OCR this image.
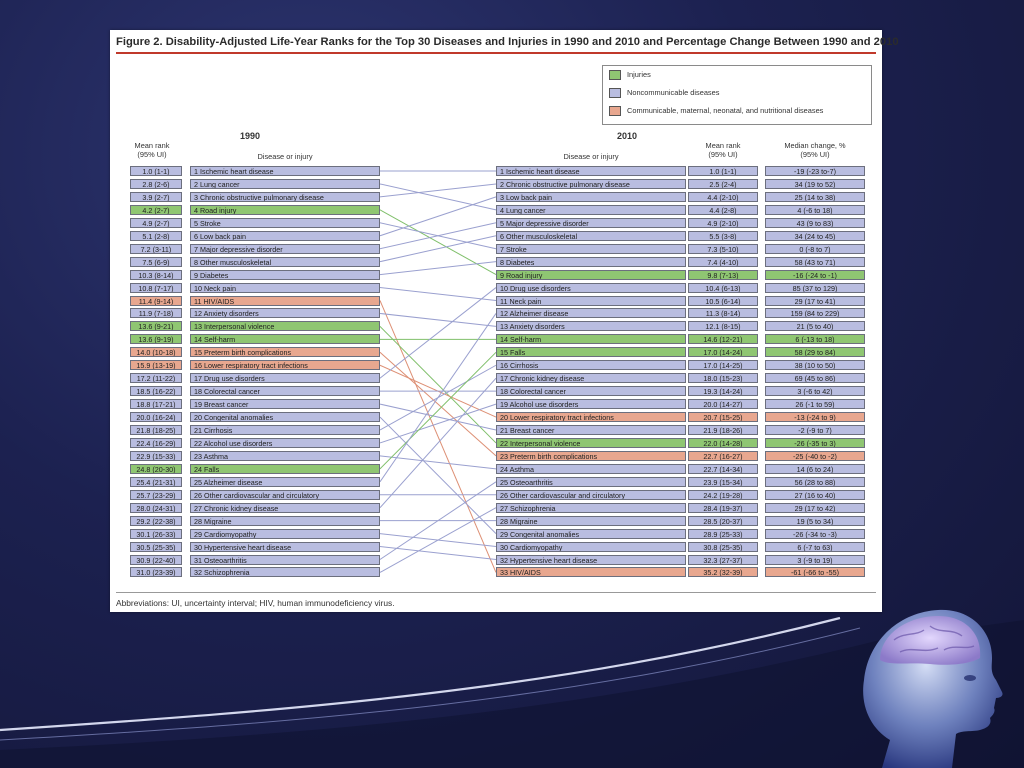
Figure 2. Disability-Adjusted Life-Year Ranks for the Top 30 Diseases and Injuries in 1990 and 2010 and Percentage Change Between 1990 and 2010
Injuries
Noncommunicable diseases
Communicable, maternal, neonatal, and nutritional diseases
1990	2010
Mean rank
(95% UI)	Disease or injury	Disease or injury
Mean rank
(95% UI)
Median change, %
(95% UI)
1.0 (1-1)	1 Ischemic heart disease
2.8 (2-6)	2 Lung cancer
3.9 (2-7)	3 Chronic obstructive pulmonary disease
4.2 (2-7)	4 Road injury
4.9 (2-7)	5 Stroke
5.1 (2-8)	6 Low back pain
7.2 (3-11)	7 Major depressive disorder
7.5 (6-9)	8 Other musculoskeletal
10.3 (8-14)	9 Diabetes
10.8 (7-17)	10 Neck pain
11.4 (9-14)	11 HIV/AIDS
11.9 (7-18)	12 Anxiety disorders
13.6 (9-21)	13 Interpersonal violence
13.6 (9-19)	14 Self-harm
14.0 (10-18)	15 Preterm birth complications
15.9 (13-19)	16 Lower respiratory tract infections
17.2 (11-22)	17 Drug use disorders
18.5 (16-22)	18 Colorectal cancer
18.8 (17-21)	19 Breast cancer
20.0 (16-24)	20 Congenital anomalies
21.8 (18-25)	21 Cirrhosis
22.4 (16-29)	22 Alcohol use disorders
22.9 (15-33)	23 Asthma
24.8 (20-30)	24 Falls
25.4 (21-31)	25 Alzheimer disease
25.7 (23-29)	26 Other cardiovascular and circulatory
28.0 (24-31)	27 Chronic kidney disease
29.2 (22-38)	28 Migraine
30.1 (26-33)	29 Cardiomyopathy
30.5 (25-35)	30 Hypertensive heart disease
30.9 (22-40)	31 Osteoarthritis
31.0 (23-39)	32 Schizophrenia
1 Ischemic heart disease	1.0 (1-1)	-19 (-23 to-7)
2 Chronic obstructive pulmonary disease	2.5 (2-4)	34 (19 to 52)
3 Low back pain	4.4 (2-10)	25 (14 to 38)
4 Lung cancer	4.4 (2-8)	4 (-6 to 18)
5 Major depressive disorder	4.9 (2-10)	43 (9 to 83)
6 Other musculoskeletal	5.5 (3-8)	34 (24 to 45)
7 Stroke	7.3 (5-10)	0 (-8 to 7)
8 Diabetes	7.4 (4-10)	58 (43 to 71)
9 Road injury	9.8 (7-13)	-16 (-24 to -1)
10 Drug use disorders	10.4 (6-13)	85 (37 to 129)
11 Neck pain	10.5 (6-14)	29 (17 to 41)
12 Alzheimer disease	11.3 (8-14)	159 (84 to 229)
13 Anxiety disorders	12.1 (8-15)	21 (5 to 40)
14 Self-harm	14.6 (12-21)	6 (-13 to 18)
15 Falls	17.0 (14-24)	58 (29 to 84)
16 Cirrhosis	17.0 (14-25)	38 (10 to 50)
17 Chronic kidney disease	18.0 (15-23)	69 (45 to 86)
18 Colorectal cancer	19.3 (14-24)	3 (-6 to 42)
19 Alcohol use disorders	20.0 (14-27)	26 (-1 to 59)
20 Lower respiratory tract infections	20.7 (15-25)	-13 (-24 to 9)
21 Breast cancer	21.9 (18-26)	-2 (-9 to 7)
22 Interpersonal violence	22.0 (14-28)	-26 (-35 to 3)
23 Preterm birth complications	22.7 (16-27)	-25 (-40 to -2)
24 Asthma	22.7 (14-34)	14 (6 to 24)
25 Osteoarthritis	23.9 (15-34)	56 (28 to 88)
26 Other cardiovascular and circulatory	24.2 (19-28)	27 (16 to 40)
27 Schizophrenia	28.4 (19-37)	29 (17 to 42)
28 Migraine	28.5 (20-37)	19 (5 to 34)
29 Congenital anomalies	28.9 (25-33)	-26 (-34 to -3)
30 Cardiomyopathy	30.8 (25-35)	6 (-7 to 63)
32 Hypertensive heart disease	32.3 (27-37)	3 (-9 to 19)
33 HIV/AIDS	35.2 (32-39)	-61 (-66 to -55)
Abbreviations: UI, uncertainty interval; HIV, human immunodeficiency virus.
